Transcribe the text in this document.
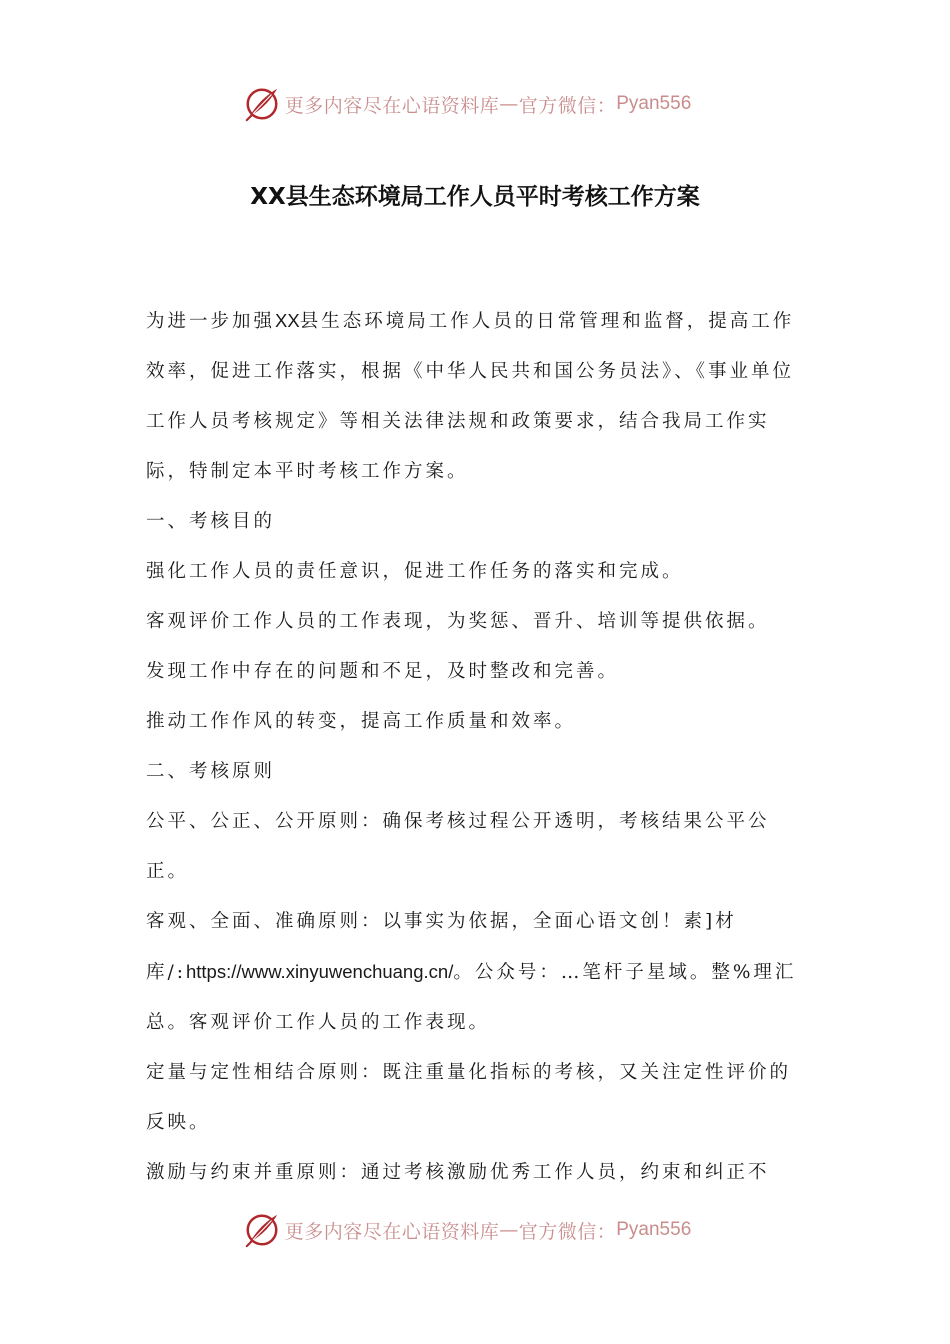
更多内容尽在心语资料库 — 官方微信： Pyan556
XX县生态环境局工作人员平时考核工作方案

为进一步加强XX县生态环境局工作人员的日常管理和监督，提高工作效率，促进工作落实，根据《中华人民共和国公务员法》、《事业单位工作人员考核规定》等相关法律法规和政策要求，结合我局工作实际，特制定本平时考核工作方案。

一、考核目的

强化工作人员的责任意识，促进工作任务的落实和完成。

客观评价工作人员的工作表现，为奖惩、晋升、培训等提供依据。

发现工作中存在的问题和不足，及时整改和完善。

推动工作作风的转变，提高工作质量和效率。

二、考核原则

公平、公正、公开原则：确保考核过程公开透明，考核结果公平公正。

客观、全面、准确原则：以事实为依据，全面心语文创！素]材库/:https://www.xinyuwenchuang.cn/。公众号：…笔杆子星域。整%理汇总。客观评价工作人员的工作表现。

定量与定性相结合原则：既注重量化指标的考核，又关注定性评价的反映。

激励与约束并重原则：通过考核激励优秀工作人员，约束和纠正不

更多内容尽在心语资料库 — 官方微信： Pyan556
